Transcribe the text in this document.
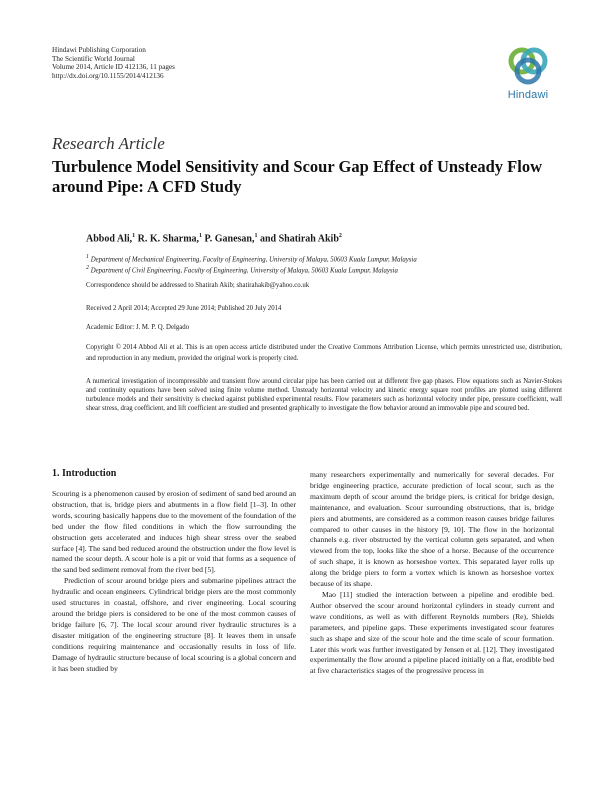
Hindawi Publishing Corporation
The Scientific World Journal
Volume 2014, Article ID 412136, 11 pages
http://dx.doi.org/10.1155/2014/412136
Hindawi
Research Article
Turbulence Model Sensitivity and Scour Gap Effect of Unsteady Flow around Pipe: A CFD Study
Abbod Ali,$^1$ R. K. Sharma,$^1$ P. Ganesan,$^1$ and Shatirah Akib$^2$
$^1$ Department of Mechanical Engineering, Faculty of Engineering, University of Malaya, 50603 Kuala Lumpur, Malaysia
$^2$ Department of Civil Engineering, Faculty of Engineering, University of Malaya, 50603 Kuala Lumpur, Malaysia
Correspondence should be addressed to Shatirah Akib; shatirahakib@yahoo.co.uk
Received 2 April 2014; Accepted 29 June 2014; Published 20 July 2014
Academic Editor: J. M. P. Q. Delgado
Copyright © 2014 Abbod Ali et al. This is an open access article distributed under the Creative Commons Attribution License, which permits unrestricted use, distribution, and reproduction in any medium, provided the original work is properly cited.

A numerical investigation of incompressible and transient flow around circular pipe has been carried out at different five gap phases. Flow equations such as Navier-Stokes and continuity equations have been solved using finite volume method. Unsteady horizontal velocity and kinetic energy square root profiles are plotted using different turbulence models and their sensitivity is checked against published experimental results. Flow parameters such as horizontal velocity under pipe, pressure coefficient, wall shear stress, drag coefficient, and lift coefficient are studied and presented graphically to investigate the flow behavior around an immovable pipe and scoured bed.

1. Introduction

Scouring is a phenomenon caused by erosion of sediment of sand bed around an obstruction, that is, bridge piers and abutments in a flow field [1–3]. In other words, scouring basically happens due to the movement of the foundation of the bed under the flow filed conditions in which the flow surrounding the obstruction gets accelerated and induces high shear stress over the seabed surface [4]. The sand bed reduced around the obstruction under the flow level is named the scour depth. A scour hole is a pit or void that forms as a sequence of the sand bed sediment removal from the river bed [5].

Prediction of scour around bridge piers and submarine pipelines attract the hydraulic and ocean engineers. Cylindrical bridge piers are the most commonly used structures in coastal, offshore, and river engineering. Local scouring around the bridge piers is considered to be one of the most common causes of bridge failure [6, 7]. The local scour around river hydraulic structures is a disaster mitigation of the engineering structure [8]. It leaves them in unsafe conditions requiring maintenance and occasionally results in loss of life. Damage of hydraulic structure because of local scouring is a global concern and it has been studied by

many researchers experimentally and numerically for several decades. For bridge engineering practice, accurate prediction of local scour, such as the maximum depth of scour around the bridge piers, is critical for bridge design, maintenance, and evaluation. Scour surrounding obstructions, that is, bridge piers and abutments, are considered as a common reason causes bridge failures compared to other causes in the history [9, 10]. The flow in the horizontal channels e.g. river obstructed by the vertical column gets separated, and when viewed from the top, looks like the shoe of a horse. Because of the occurrence of such shape, it is known as horseshoe vortex. This separated layer rolls up along the bridge piers to form a vortex which is known as horseshoe vortex because of its shape.

Mao [11] studied the interaction between a pipeline and erodible bed. Author observed the scour around horizontal cylinders in steady current and wave conditions, as well as with different Reynolds numbers (Re), Shields parameters, and pipeline gaps. These experiments investigated scour features such as shape and size of the scour hole and the time scale of scour formation. Later this work was further investigated by Jensen et al. [12]. They investigated experimentally the flow around a pipeline placed initially on a flat, erodible bed at five characteristics stages of the progressive process in
